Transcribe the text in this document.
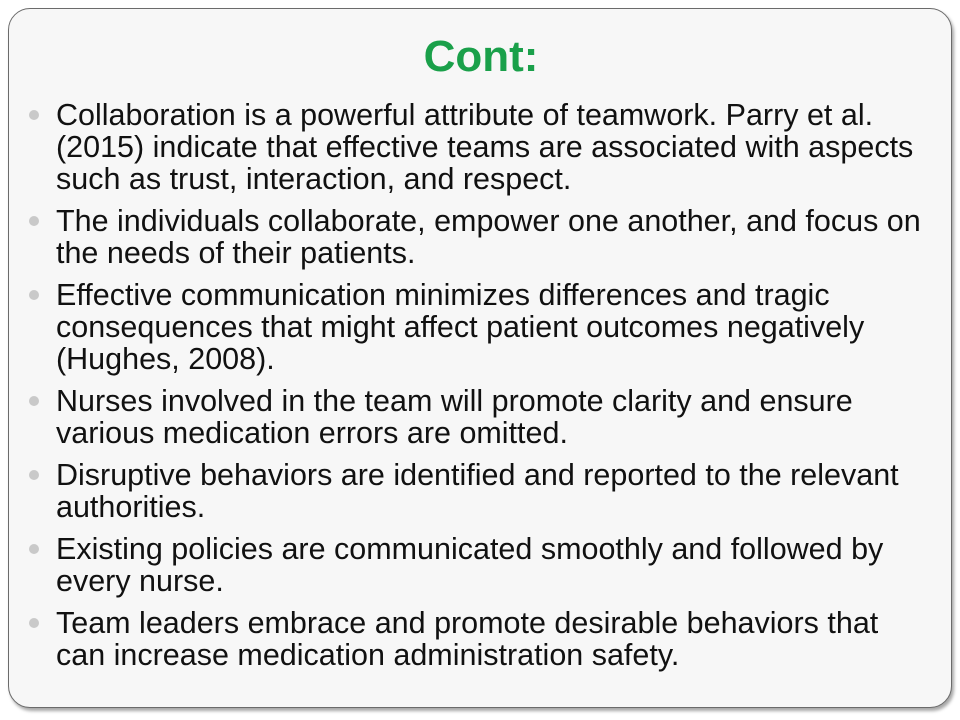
Cont:
Collaboration is a powerful attribute of teamwork. Parry et al. (2015) indicate that effective teams are associated with aspects such as trust, interaction, and respect.
The individuals collaborate, empower one another, and focus on the needs of their patients.
Effective communication minimizes differences and tragic consequences that might affect patient outcomes negatively (Hughes, 2008).
Nurses involved in the team will promote clarity and ensure various medication errors are omitted.
Disruptive behaviors are identified and reported to the relevant authorities.
Existing policies are communicated smoothly and followed by every nurse.
Team leaders embrace and promote desirable behaviors that can increase medication administration safety.
